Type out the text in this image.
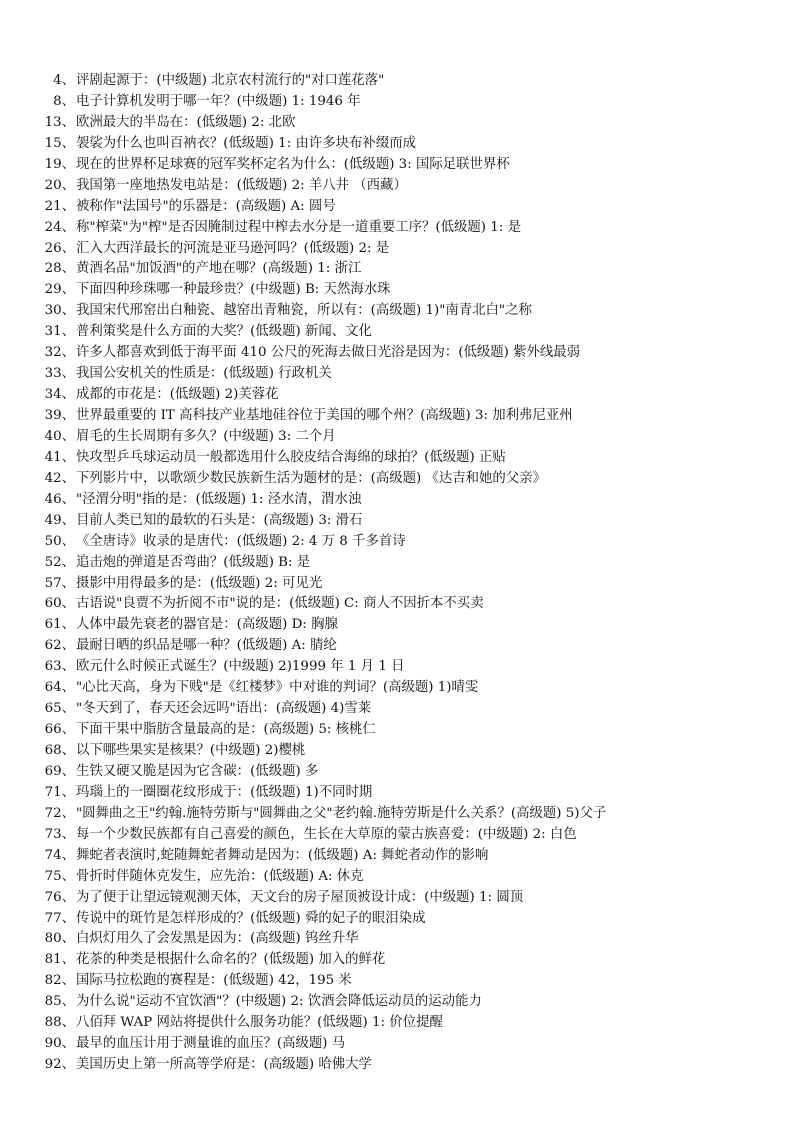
4、 评剧起源于：(中级题) 北京农村流行的"对口莲花落"
8、 电子计算机发明于哪一年？(中级题) 1: 1946 年
13、 欧洲最大的半岛在：(低级题) 2: 北欧
15、 袈裟为什么也叫百衲衣？(低级题) 1: 由许多块布补缀而成
19、 现在的世界杯足球赛的冠军奖杯定名为什么：(低级题) 3: 国际足联世界杯
20、 我国第一座地热发电站是：(低级题) 2: 羊八井 （西藏）
21、 被称作"法国号"的乐器是：(高级题) A: 圆号
24、 称"榨菜"为"榨"是否因腌制过程中榨去水分是一道重要工序？(低级题) 1: 是
26、 汇入大西洋最长的河流是亚马逊河吗？(低级题) 2: 是
28、 黄酒名品"加饭酒"的产地在哪？(高级题) 1: 浙江
29、 下面四种珍珠哪一种最珍贵？(中级题) B: 天然海水珠
30、 我国宋代邢窑出白釉瓷、越窑出青釉瓷，所以有：(高级题) 1)"南青北白"之称
31、 普利策奖是什么方面的大奖？(低级题) 新闻、文化
32、 许多人都喜欢到低于海平面 410 公尺的死海去做日光浴是因为：(低级题) 紫外线最弱
33、 我国公安机关的性质是：(低级题) 行政机关
34、 成都的市花是：(低级题) 2)芙蓉花
39、 世界最重要的 IT 高科技产业基地硅谷位于美国的哪个州？(高级题) 3: 加利弗尼亚州
40、 眉毛的生长周期有多久？(中级题) 3: 二个月
41、 快攻型乒乓球运动员一般都选用什么胶皮结合海绵的球拍？(低级题) 正贴
42、 下列影片中，以歌颂少数民族新生活为题材的是：(高级题) 《达吉和她的父亲》
46、 "泾渭分明"指的是：(低级题) 1: 泾水清，渭水浊
49、 目前人类已知的最软的石头是：(高级题) 3: 滑石
50、 《全唐诗》收录的是唐代：(低级题) 2: 4 万 8 千多首诗
52、 追击炮的弹道是否弯曲？(低级题) B: 是
57、 摄影中用得最多的是：(低级题) 2: 可见光
60、 古语说"良贾不为折阅不市"说的是：(低级题) C: 商人不因折本不买卖
61、 人体中最先衰老的器官是：(高级题) D: 胸腺
62、 最耐日晒的织品是哪一种？(低级题) A: 腈纶
63、 欧元什么时候正式诞生？(中级题) 2)1999 年 1 月 1 日
64、 "心比天高，身为下贱"是《红楼梦》中对谁的判词？(高级题) 1)晴雯
65、 "冬天到了，春天还会远吗"语出：(高级题) 4)雪莱
66、 下面干果中脂肪含量最高的是：(高级题) 5: 核桃仁
68、 以下哪些果实是核果？(中级题) 2)樱桃
69、 生铁又硬又脆是因为它含碳：(低级题) 多
71、 玛瑙上的一圈圈花纹形成于：(低级题) 1)不同时期
72、 "圆舞曲之王"约翰.施特劳斯与"圆舞曲之父"老约翰.施特劳斯是什么关系？(高级题) 5)父子
73、 每一个少数民族都有自己喜爱的颜色，生长在大草原的蒙古族喜爱：(中级题) 2: 白色
74、 舞蛇者表演时,蛇随舞蛇者舞动是因为：(低级题) A: 舞蛇者动作的影响
75、 骨折时伴随休克发生，应先治：(低级题) A: 休克
76、 为了便于让望远镜观测天体，天文台的房子屋顶被设计成：(中级题) 1: 圆顶
77、 传说中的斑竹是怎样形成的？(低级题) 舜的妃子的眼泪染成
80、 白炽灯用久了会发黑是因为：(高级题) 钨丝升华
81、 花茶的种类是根据什么命名的？(低级题) 加入的鲜花
82、 国际马拉松跑的赛程是：(低级题) 42，195 米
85、 为什么说"运动不宜饮酒"？(中级题) 2: 饮酒会降低运动员的运动能力
88、 八佰拜 WAP 网站将提供什么服务功能？(低级题) 1: 价位提醒
90、 最早的血压计用于测量谁的血压？(高级题) 马
92、 美国历史上第一所高等学府是：(高级题) 哈佛大学
